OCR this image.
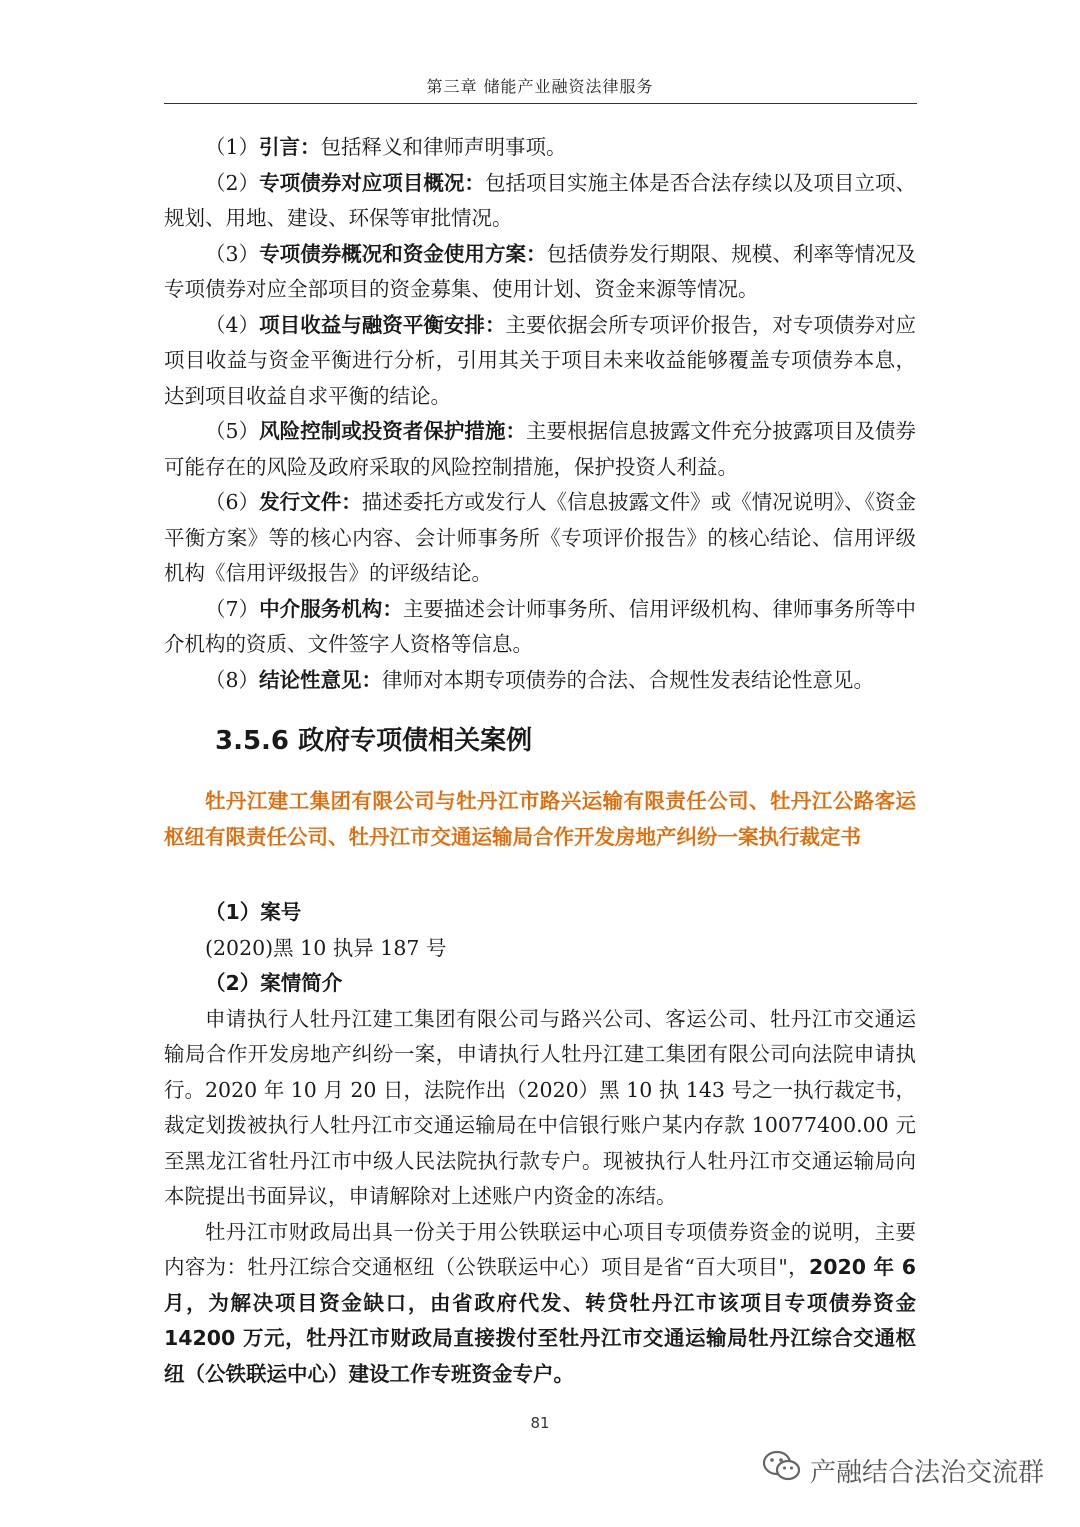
第三章 储能产业融资法律服务

（1）引言：包括释义和律师声明事项。

（2）专项债券对应项目概况：包括项目实施主体是否合法存续以及项目立项、规划、用地、建设、环保等审批情况。

（3）专项债券概况和资金使用方案：包括债券发行期限、规模、利率等情况及专项债券对应全部项目的资金募集、使用计划、资金来源等情况。

（4）项目收益与融资平衡安排：主要依据会所专项评价报告，对专项债券对应项目收益与资金平衡进行分析，引用其关于项目未来收益能够覆盖专项债券本息，达到项目收益自求平衡的结论。

（5）风险控制或投资者保护措施：主要根据信息披露文件充分披露项目及债券可能存在的风险及政府采取的风险控制措施，保护投资人利益。

（6）发行文件：描述委托方或发行人《信息披露文件》或《情况说明》、《资金平衡方案》等的核心内容、会计师事务所《专项评价报告》的核心结论、信用评级机构《信用评级报告》的评级结论。

（7）中介服务机构：主要描述会计师事务所、信用评级机构、律师事务所等中介机构的资质、文件签字人资格等信息。

（8）结论性意见：律师对本期专项债券的合法、合规性发表结论性意见。

3.5.6 政府专项债相关案例

牡丹江建工集团有限公司与牡丹江市路兴运输有限责任公司、牡丹江公路客运枢纽有限责任公司、牡丹江市交通运输局合作开发房地产纠纷一案执行裁定书

（1）案号

(2020)黑 10 执异 187 号

（2）案情简介

申请执行人牡丹江建工集团有限公司与路兴公司、客运公司、牡丹江市交通运输局合作开发房地产纠纷一案，申请执行人牡丹江建工集团有限公司向法院申请执行。2020 年 10 月 20 日，法院作出（2020）黑 10 执 143 号之一执行裁定书，裁定划拨被执行人牡丹江市交通运输局在中信银行账户某内存款 10077400.00 元至黑龙江省牡丹江市中级人民法院执行款专户。现被执行人牡丹江市交通运输局向本院提出书面异议，申请解除对上述账户内资金的冻结。

牡丹江市财政局出具一份关于用公铁联运中心项目专项债券资金的说明，主要内容为：牡丹江综合交通枢纽（公铁联运中心）项目是省“百大项目"，2020 年 6 月，为解决项目资金缺口，由省政府代发、转贷牡丹江市该项目专项债券资金 14200 万元，牡丹江市财政局直接拨付至牡丹江市交通运输局牡丹江综合交通枢纽（公铁联运中心）建设工作专班资金专户。

81
产融结合法治交流群
